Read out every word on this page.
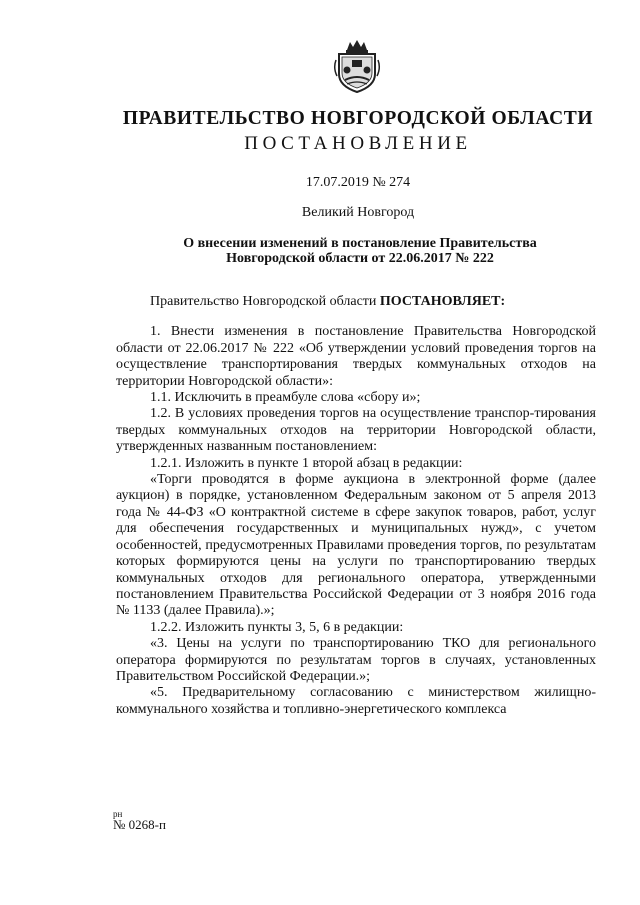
ПРАВИТЕЛЬСТВО НОВГОРОДСКОЙ ОБЛАСТИ
ПОСТАНОВЛЕНИЕ
17.07.2019 № 274
Великий Новгород
О внесении изменений в постановление Правительства
Новгородской области от 22.06.2017 № 222

Правительство Новгородской области ПОСТАНОВЛЯЕТ:

1. Внести изменения в постановление Правительства Новгородской области от 22.06.2017 № 222 «Об утверждении условий проведения торгов на осуществление транспортирования твердых коммунальных отходов на территории Новгородской области»:

1.1. Исключить в преамбуле слова «сбору и»;

1.2. В условиях проведения торгов на осуществление транспор-тирования твердых коммунальных отходов на территории Новгородской области, утвержденных названным постановлением:

1.2.1. Изложить в пункте 1 второй абзац в редакции:

«Торги проводятся в форме аукциона в электронной форме (далее аукцион) в порядке, установленном Федеральным законом от 5 апреля 2013 года № 44-ФЗ «О контрактной системе в сфере закупок товаров, работ, услуг для обеспечения государственных и муниципальных нужд», с учетом особенностей, предусмотренных Правилами проведения торгов, по результатам которых формируются цены на услуги по транспортированию твердых коммунальных отходов для регионального оператора, утвержденными постановлением Правительства Российской Федерации от 3 ноября 2016 года № 1133 (далее Правила).»;

1.2.2. Изложить пункты 3, 5, 6 в редакции:

«3. Цены на услуги по транспортированию ТКО для регионального оператора формируются по результатам торгов в случаях, установленных Правительством Российской Федерации.»;

«5. Предварительному согласованию с министерством жилищно-коммунального хозяйства и топливно-энергетического комплекса

рн
№ 0268-п
